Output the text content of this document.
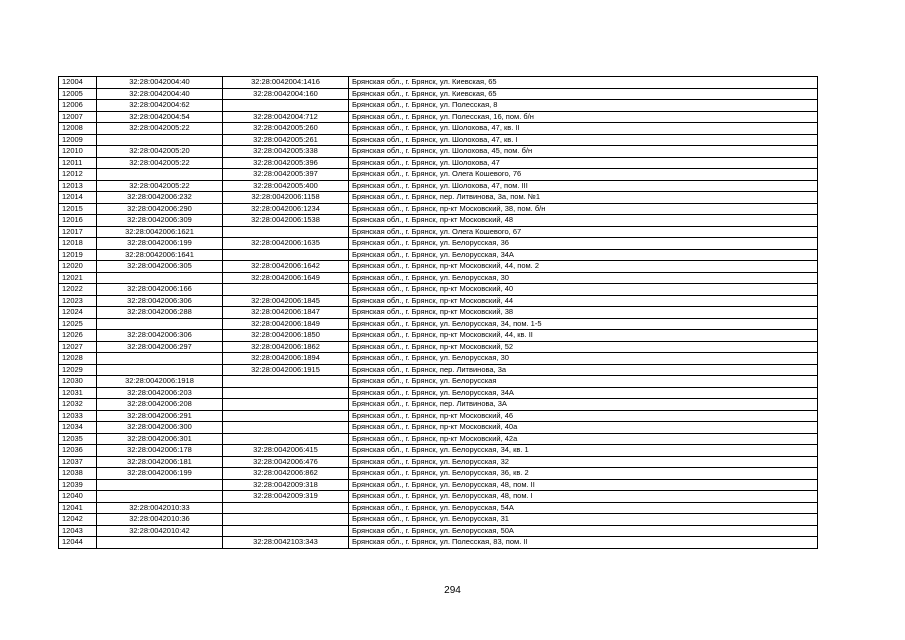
12004	32:28:0042004:40	32:28:0042004:1416	Брянская обл., г. Брянск, ул. Киевская, 65
12005	32:28:0042004:40	32:28:0042004:160	Брянская обл., г. Брянск, ул. Киевская, 65
12006	32:28:0042004:62		Брянская обл., г. Брянск, ул. Полесская, 8
12007	32:28:0042004:54	32:28:0042004:712	Брянская обл., г. Брянск, ул. Полесская, 16, пом. б/н
12008	32:28:0042005:22	32:28:0042005:260	Брянская обл., г. Брянск, ул. Шолохова, 47, кв. II
12009		32:28:0042005:261	Брянская обл., г. Брянск, ул. Шолохова, 47, кв. I
12010	32:28:0042005:20	32:28:0042005:338	Брянская обл., г. Брянск, ул. Шолохова, 45, пом. б/н
12011	32:28:0042005:22	32:28:0042005:396	Брянская обл., г. Брянск, ул. Шолохова, 47
12012		32:28:0042005:397	Брянская обл., г. Брянск, ул. Олега Кошевого, 76
12013	32:28:0042005:22	32:28:0042005:400	Брянская обл., г. Брянск, ул. Шолохова, 47, пом. III
12014	32:28:0042006:232	32:28:0042006:1158	Брянская обл., г. Брянск, пер. Литвинова, 3а, пом. №1
12015	32:28:0042006:290	32:28:0042006:1234	Брянская обл., г. Брянск, пр-кт Московский, 38, пом. б/н
12016	32:28:0042006:309	32:28:0042006:1538	Брянская обл., г. Брянск, пр-кт Московский, 48
12017	32:28:0042006:1621		Брянская обл., г. Брянск, ул. Олега Кошевого, 67
12018	32:28:0042006:199	32:28:0042006:1635	Брянская обл., г. Брянск, ул. Белорусская, 36
12019	32:28:0042006:1641		Брянская обл., г. Брянск, ул. Белорусская, 34А
12020	32:28:0042006:305	32:28:0042006:1642	Брянская обл., г. Брянск, пр-кт Московский, 44, пом. 2
12021		32:28:0042006:1649	Брянская обл., г. Брянск, ул. Белорусская, 30
12022	32:28:0042006:166		Брянская обл., г. Брянск, пр-кт Московский, 40
12023	32:28:0042006:306	32:28:0042006:1845	Брянская обл., г. Брянск, пр-кт Московский, 44
12024	32:28:0042006:288	32:28:0042006:1847	Брянская обл., г. Брянск, пр-кт Московский, 38
12025		32:28:0042006:1849	Брянская обл., г. Брянск, ул. Белорусская, 34, пом. 1-5
12026	32:28:0042006:306	32:28:0042006:1850	Брянская обл., г. Брянск, пр-кт Московский, 44, кв. II
12027	32:28:0042006:297	32:28:0042006:1862	Брянская обл., г. Брянск, пр-кт Московский, 52
12028		32:28:0042006:1894	Брянская обл., г. Брянск, ул. Белорусская, 30
12029		32:28:0042006:1915	Брянская обл., г. Брянск, пер. Литвинова, 3а
12030	32:28:0042006:1918		Брянская обл., г. Брянск, ул. Белорусская
12031	32:28:0042006:203		Брянская обл., г. Брянск, ул. Белорусская, 34А
12032	32:28:0042006:208		Брянская обл., г. Брянск, пер. Литвинова, 3А
12033	32:28:0042006:291		Брянская обл., г. Брянск, пр-кт Московский, 46
12034	32:28:0042006:300		Брянская обл., г. Брянск, пр-кт Московский, 40а
12035	32:28:0042006:301		Брянская обл., г. Брянск, пр-кт Московский, 42а
12036	32:28:0042006:178	32:28:0042006:415	Брянская обл., г. Брянск, ул. Белорусская, 34, кв. 1
12037	32:28:0042006:181	32:28:0042006:476	Брянская обл., г. Брянск, ул. Белорусская, 32
12038	32:28:0042006:199	32:28:0042006:862	Брянская обл., г. Брянск, ул. Белорусская, 36, кв. 2
12039		32:28:0042009:318	Брянская обл., г. Брянск, ул. Белорусская, 48, пом. II
12040		32:28:0042009:319	Брянская обл., г. Брянск, ул. Белорусская, 48, пом. I
12041	32:28:0042010:33		Брянская обл., г. Брянск, ул. Белорусская, 54А
12042	32:28:0042010:36		Брянская обл., г. Брянск, ул. Белорусская, 31
12043	32:28:0042010:42		Брянская обл., г. Брянск, ул. Белорусская, 50А
12044		32:28:0042103:343	Брянская обл., г. Брянск, ул. Полесская, 83, пом. II
294
